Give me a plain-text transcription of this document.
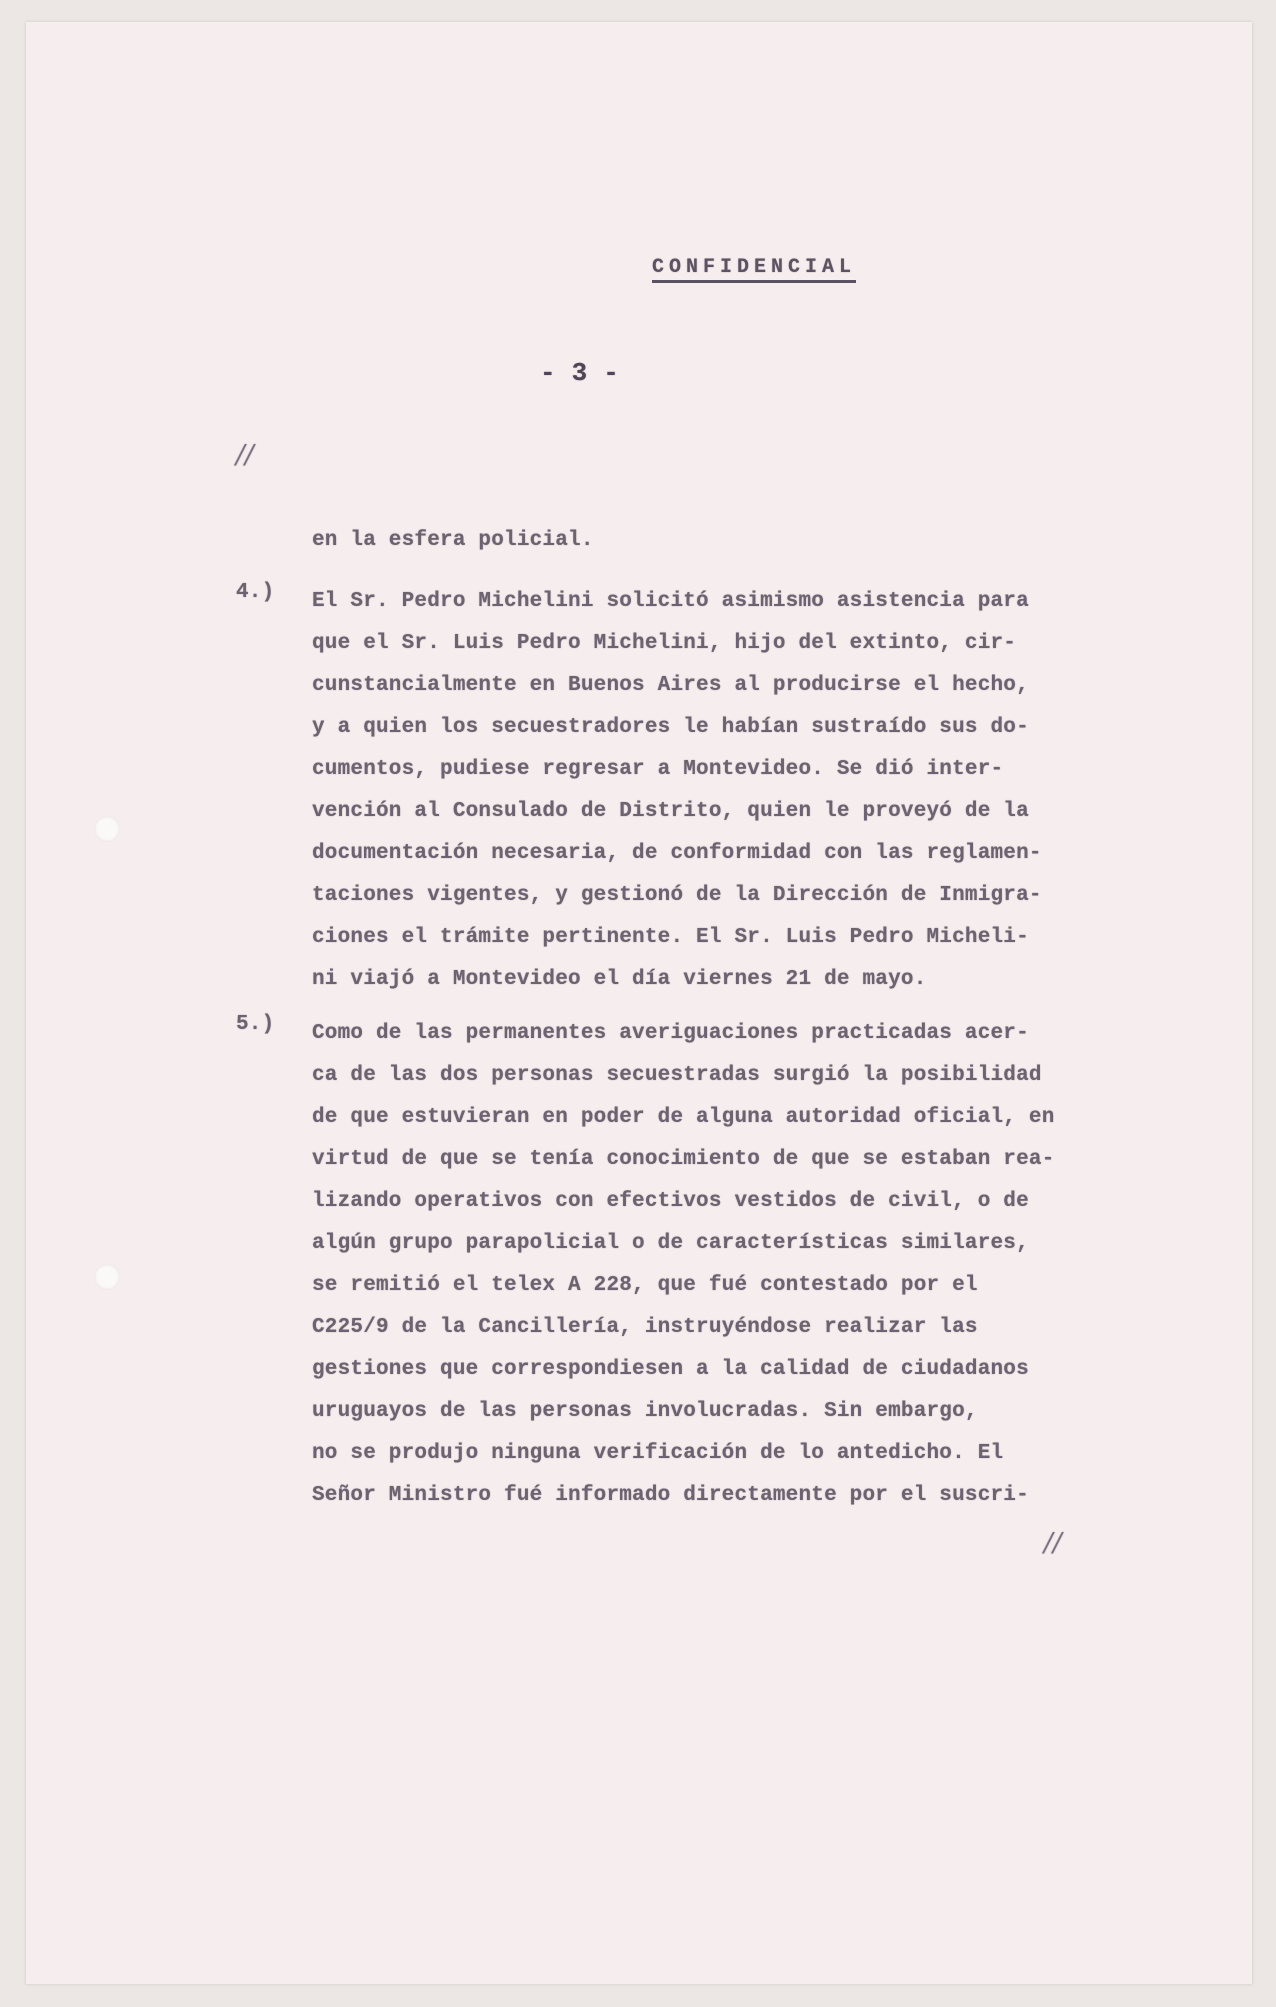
CONFIDENCIAL
- 3 -
//
en la esfera policial.
4.)	El Sr. Pedro Michelini solicitó asimismo asistencia para
que el Sr. Luis Pedro Michelini, hijo del extinto, cir-
cunstancialmente en Buenos Aires al producirse el hecho,
y a quien los secuestradores le habían sustraído sus do-
cumentos, pudiese regresar a Montevideo. Se dió inter-
vención al Consulado de Distrito, quien le proveyó de la
documentación necesaria, de conformidad con las reglamen-
taciones vigentes, y gestionó de la Dirección de Inmigra-
ciones el trámite pertinente. El Sr. Luis Pedro Micheli-
ni viajó a Montevideo el día viernes 21 de mayo.
5.)	Como de las permanentes averiguaciones practicadas acer-
ca de las dos personas secuestradas surgió la posibilidad
de que estuvieran en poder de alguna autoridad oficial, en
virtud de que se tenía conocimiento de que se estaban rea-
lizando operativos con efectivos vestidos de civil, o de
algún grupo parapolicial o de características similares,
se remitió el telex A 228, que fué contestado por el
C225/9 de la Cancillería, instruyéndose realizar las
gestiones que correspondiesen a la calidad de ciudadanos
uruguayos de las personas involucradas. Sin embargo,
no se produjo ninguna verificación de lo antedicho. El
Señor Ministro fué informado directamente por el suscri-
//
